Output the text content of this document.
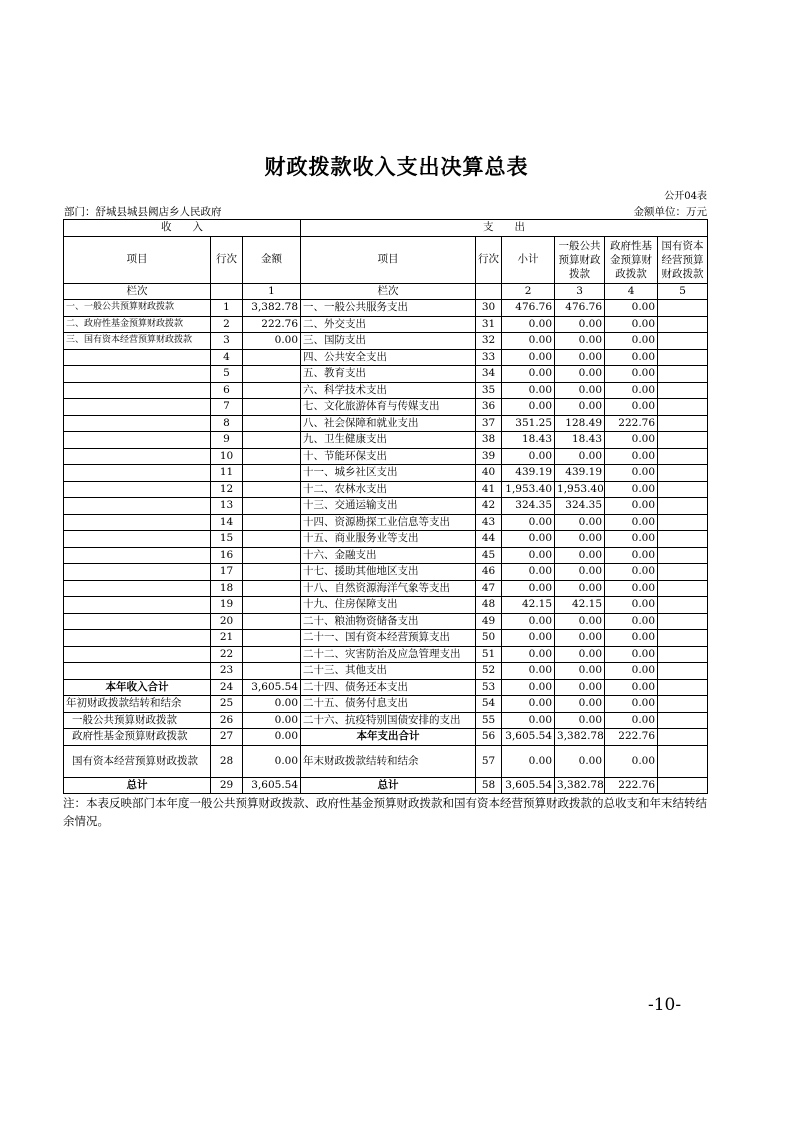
财政拨款收入支出决算总表
公开04表
部门：舒城县城县阙店乡人民政府	金额单位：万元
收　　入			支　　出					
项目	行次	金额	项目	行次	小计	一般公共预算财政拨款	政府性基金预算财政拨款	国有资本经营预算财政拨款
栏次		1	栏次		2	3	4	5
一、一般公共预算财政拨款	1	3,382.78	一、一般公共服务支出	30	476.76	476.76	0.00	
二、政府性基金预算财政拨款	2	222.76	二、外交支出	31	0.00	0.00	0.00	
三、国有资本经营预算财政拨款	3	0.00	三、国防支出	32	0.00	0.00	0.00	
	4		四、公共安全支出	33	0.00	0.00	0.00	
	5		五、教育支出	34	0.00	0.00	0.00	
	6		六、科学技术支出	35	0.00	0.00	0.00	
	7		七、文化旅游体育与传媒支出	36	0.00	0.00	0.00	
	8		八、社会保障和就业支出	37	351.25	128.49	222.76	
	9		九、卫生健康支出	38	18.43	18.43	0.00	
	10		十、节能环保支出	39	0.00	0.00	0.00	
	11		十一、城乡社区支出	40	439.19	439.19	0.00	
	12		十二、农林水支出	41	1,953.40	1,953.40	0.00	
	13		十三、交通运输支出	42	324.35	324.35	0.00	
	14		十四、资源勘探工业信息等支出	43	0.00	0.00	0.00	
	15		十五、商业服务业等支出	44	0.00	0.00	0.00	
	16		十六、金融支出	45	0.00	0.00	0.00	
	17		十七、援助其他地区支出	46	0.00	0.00	0.00	
	18		十八、自然资源海洋气象等支出	47	0.00	0.00	0.00	
	19		十九、住房保障支出	48	42.15	42.15	0.00	
	20		二十、粮油物资储备支出	49	0.00	0.00	0.00	
	21		二十一、国有资本经营预算支出	50	0.00	0.00	0.00	
	22		二十二、灾害防治及应急管理支出	51	0.00	0.00	0.00	
	23		二十三、其他支出	52	0.00	0.00	0.00	
本年收入合计	24	3,605.54	二十四、债务还本支出	53	0.00	0.00	0.00	
年初财政拨款结转和结余	25	0.00	二十五、债务付息支出	54	0.00	0.00	0.00	
一般公共预算财政拨款	26	0.00	二十六、抗疫特别国债安排的支出	55	0.00	0.00	0.00	
政府性基金预算财政拨款	27	0.00	本年支出合计	56	3,605.54	3,382.78	222.76	
国有资本经营预算财政拨款	28	0.00	年末财政拨款结转和结余	57	0.00	0.00	0.00	
总计	29	3,605.54	总计	58	3,605.54	3,382.78	222.76	
注：本表反映部门本年度一般公共预算财政拨款、政府性基金预算财政拨款和国有资本经营预算财政拨款的总收支和年末结转结余情况。
-10-
